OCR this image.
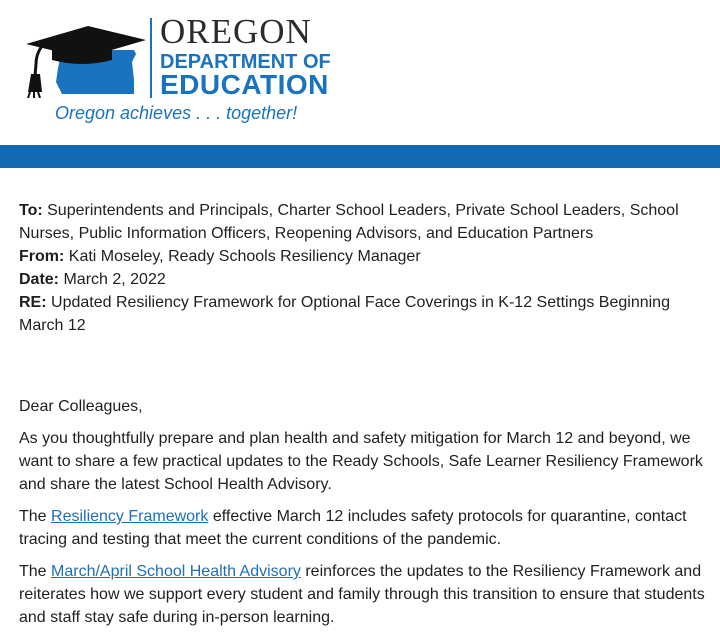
OREGON
DEPARTMENT OF
EDUCATION
Oregon achieves . . . together!

To: Superintendents and Principals, Charter School Leaders, Private School Leaders, School Nurses, Public Information Officers, Reopening Advisors, and Education Partners

From: Kati Moseley, Ready Schools Resiliency Manager

Date: March 2, 2022

RE: Updated Resiliency Framework for Optional Face Coverings in K-12 Settings Beginning March 12

Dear Colleagues,

As you thoughtfully prepare and plan health and safety mitigation for March 12 and beyond, we want to share a few practical updates to the Ready Schools, Safe Learner Resiliency Framework and share the latest School Health Advisory.

The Resiliency Framework effective March 12 includes safety protocols for quarantine, contact tracing and testing that meet the current conditions of the pandemic.

The March/April School Health Advisory reinforces the updates to the Resiliency Framework and reiterates how we support every student and family through this transition to ensure that students and staff stay safe during in-person learning.
